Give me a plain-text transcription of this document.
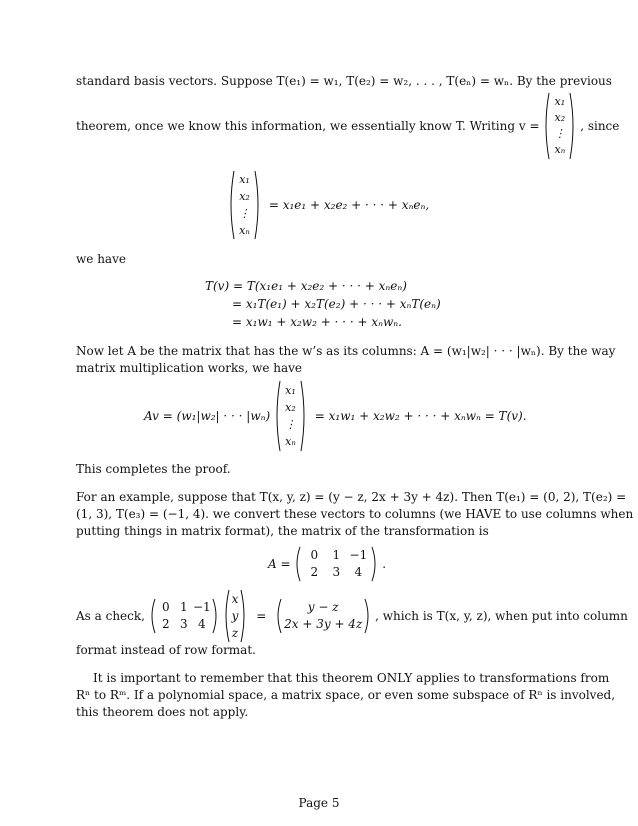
standard basis vectors. Suppose T(e₁) = w₁, T(e₂) = w₂, . . . , T(eₙ) = wₙ. By the previous
theorem, once we know this information, we essentially know T. Writing v =
x₁
x₂
⋮
xₙ
, since
x₁
x₂
⋮
xₙ
= x₁e₁ + x₂e₂ + · · · + xₙeₙ,
we have
T(v) = T(x₁e₁ + x₂e₂ + · · · + xₙeₙ)
= x₁T(e₁) + x₂T(e₂) + · · · + xₙT(eₙ)
= x₁w₁ + x₂w₂ + · · · + xₙwₙ.
Now let A be the matrix that has the w’s as its columns: A = (w₁|w₂| · · · |wₙ). By the way
matrix multiplication works, we have
Av = (w₁|w₂| · · · |wₙ)
x₁
x₂
⋮
xₙ
= x₁w₁ + x₂w₂ + · · · + xₙwₙ = T(v).
This completes the proof.
For an example, suppose that T(x, y, z) = (y − z, 2x + 3y + 4z). Then T(e₁) = (0, 2), T(e₂) =
(1, 3), T(e₃) = (−1, 4). we convert these vectors to columns (we HAVE to use columns when
putting things in matrix format), the matrix of the transformation is
A =
0 1 −1
2 3 4
.
As a check,
0 1 −1
2 3 4

x
y
z
=
y − z
2x + 3y + 4z
, which is T(x, y, z), when put into column
format instead of row format.
It is important to remember that this theorem ONLY applies to transformations from
Rⁿ to Rᵐ. If a polynomial space, a matrix space, or even some subspace of Rⁿ is involved,
this theorem does not apply.
Page 5
